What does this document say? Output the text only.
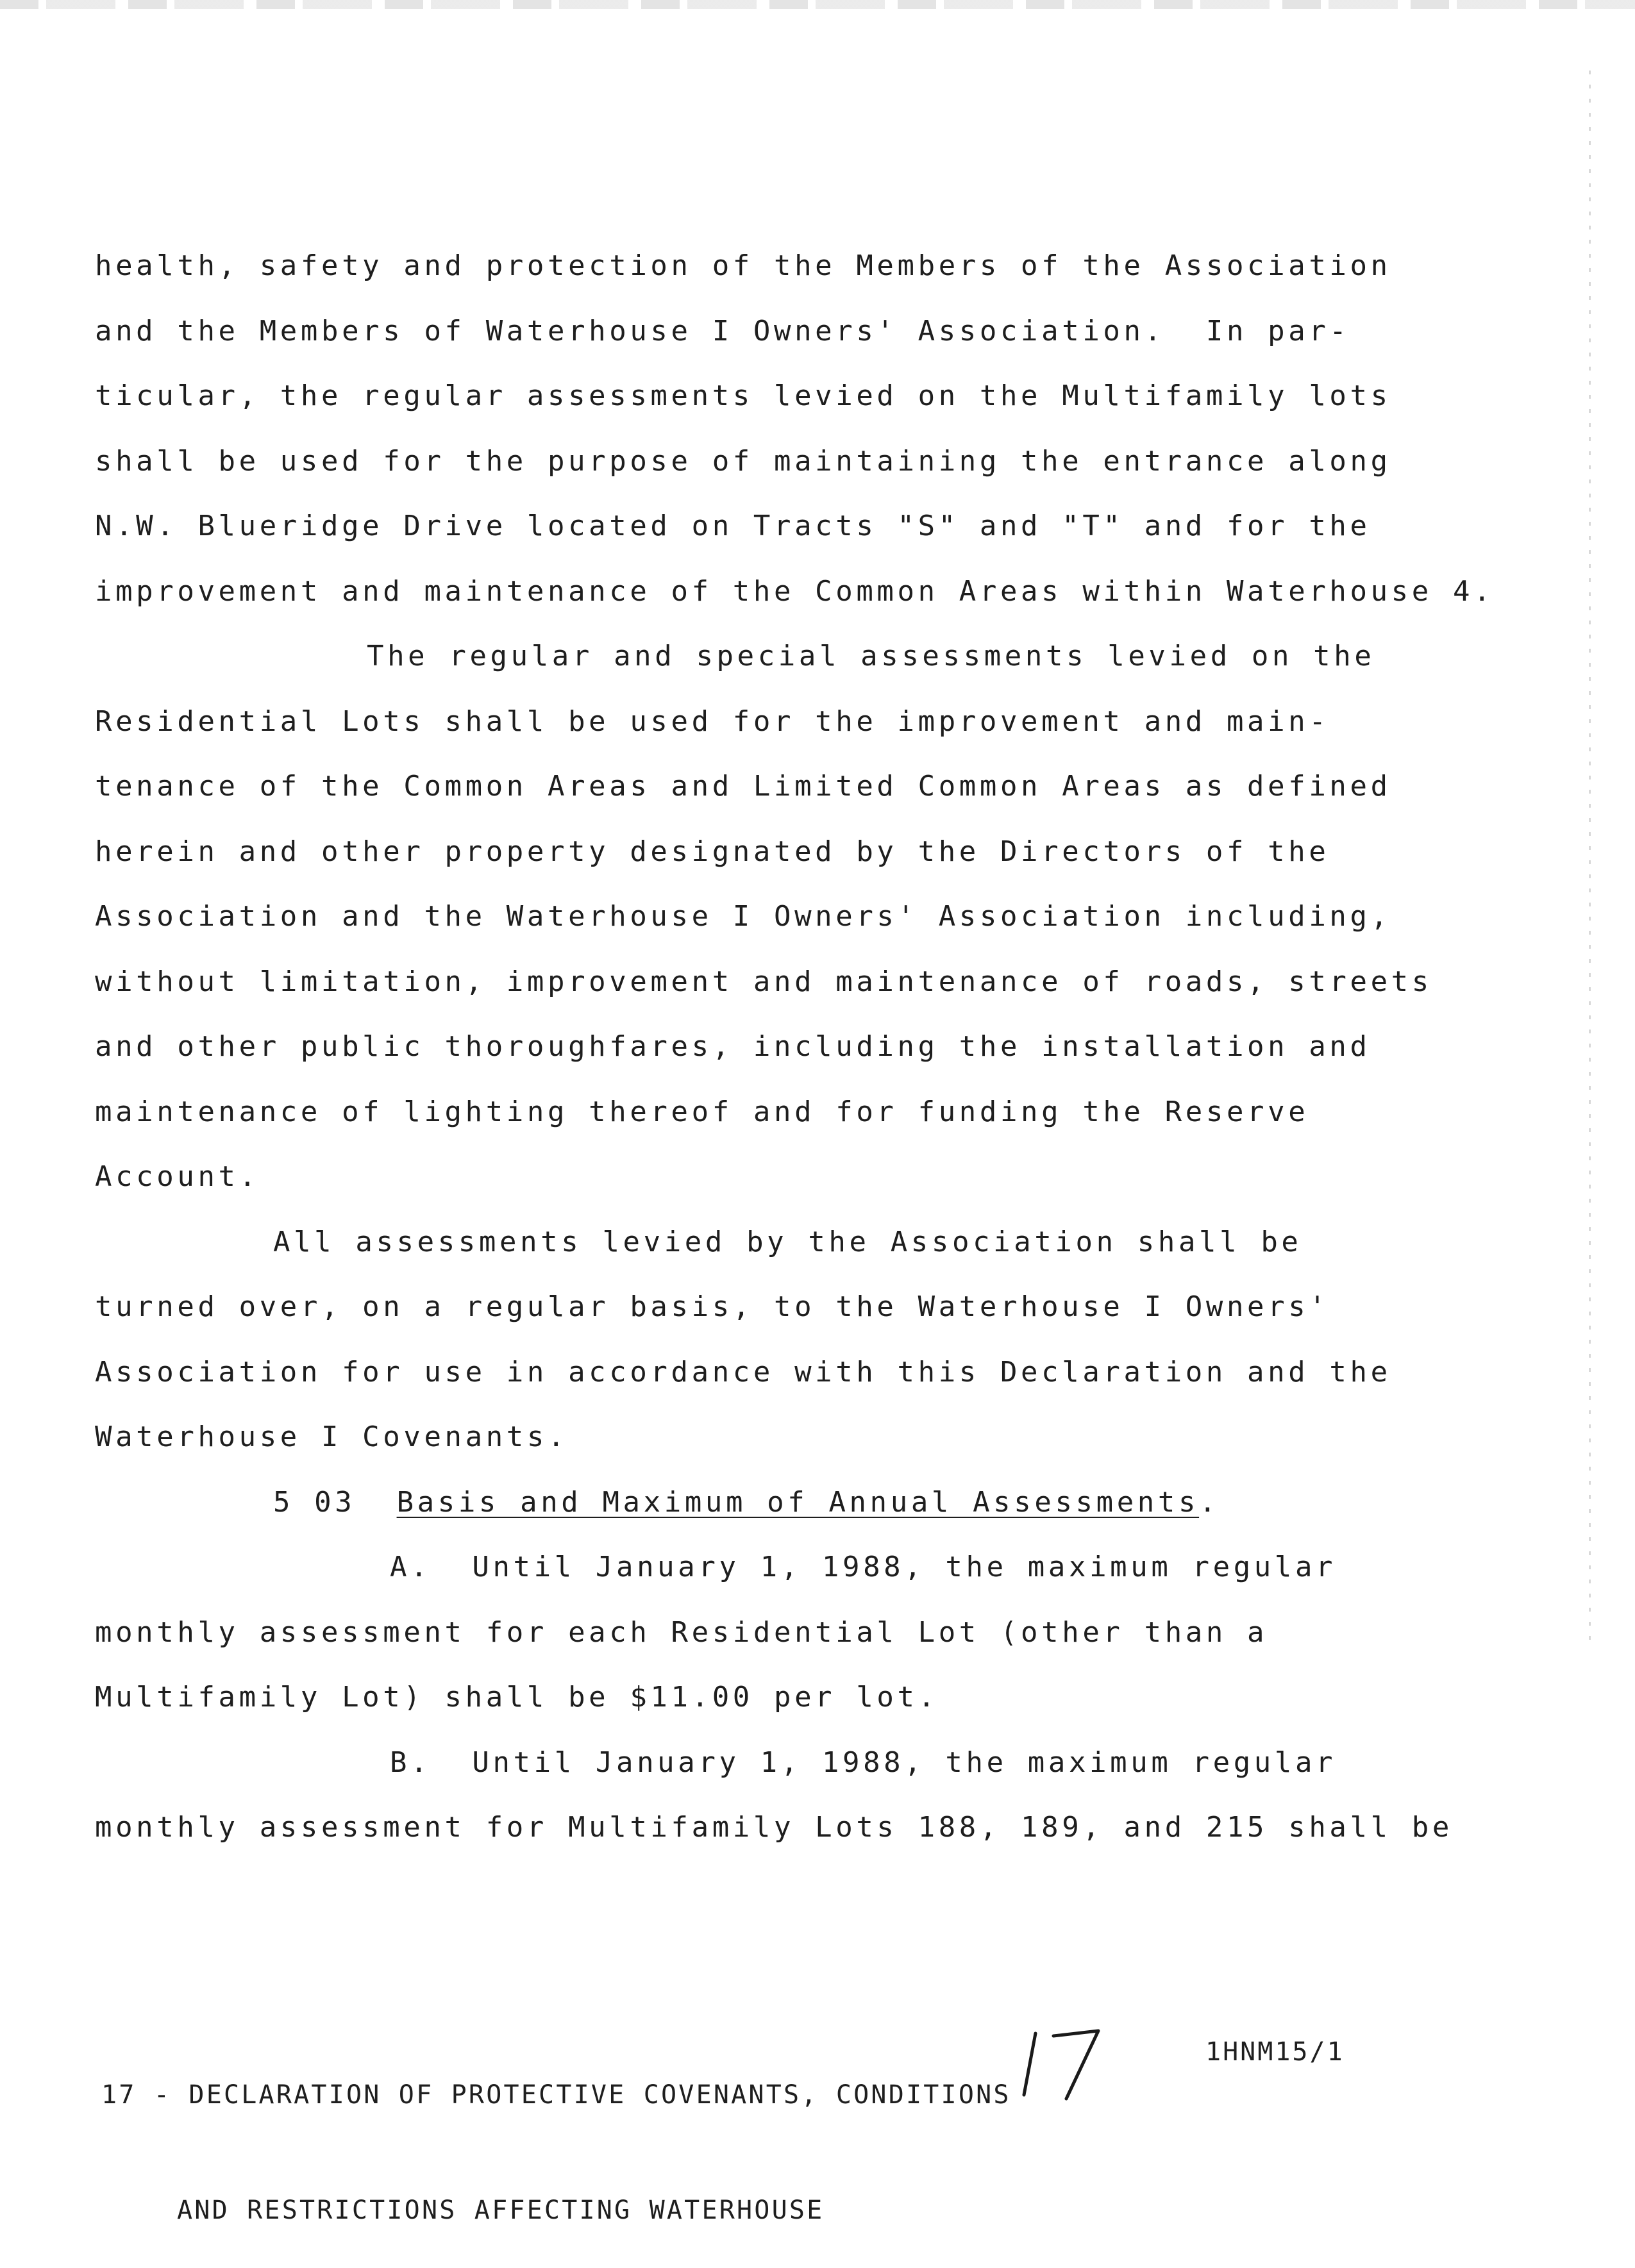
health, safety and protection of the Members of the Association
and the Members of Waterhouse I Owners' Association.  In par-
ticular, the regular assessments levied on the Multifamily lots
shall be used for the purpose of maintaining the entrance along
N.W. Blueridge Drive located on Tracts "S" and "T" and for the
improvement and maintenance of the Common Areas within Waterhouse 4.
The regular and special assessments levied on the
Residential Lots shall be used for the improvement and main-
tenance of the Common Areas and Limited Common Areas as defined
herein and other property designated by the Directors of the
Association and the Waterhouse I Owners' Association including,
without limitation, improvement and maintenance of roads, streets
and other public thoroughfares, including the installation and
maintenance of lighting thereof and for funding the Reserve
Account.
All assessments levied by the Association shall be
turned over, on a regular basis, to the Waterhouse I Owners'
Association for use in accordance with this Declaration and the
Waterhouse I Covenants.
5 03 Basis and Maximum of Annual Assessments.
A.  Until January 1, 1988, the maximum regular
monthly assessment for each Residential Lot (other than a
Multifamily Lot) shall be $11.00 per lot.
B.  Until January 1, 1988, the maximum regular
monthly assessment for Multifamily Lots 188, 189, and 215 shall be

17 - DECLARATION OF PROTECTIVE COVENANTS, CONDITIONS

AND RESTRICTIONS AFFECTING WATERHOUSE

1HNM15/1
